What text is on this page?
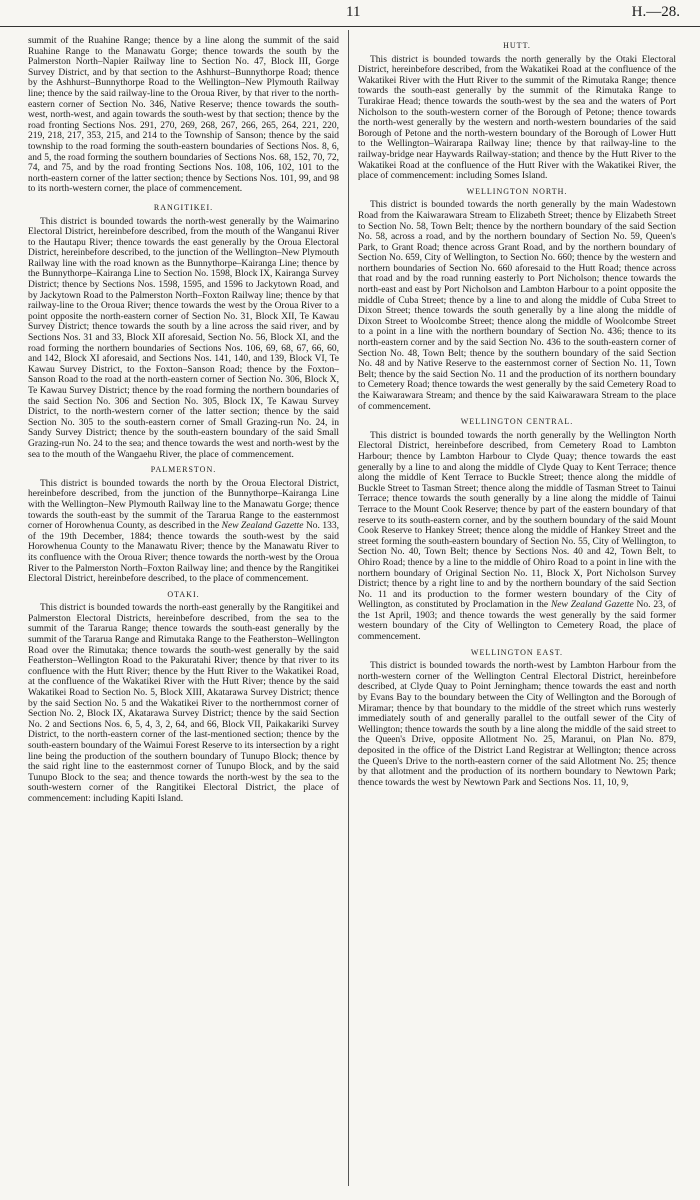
11	H.—28.

summit of the Ruahine Range; thence by a line along the summit of the said Ruahine Range to the Manawatu Gorge; thence towards the south by the Palmerston North–Napier Railway line to Section No. 47, Block III, Gorge Survey District, and by that section to the Ashhurst–Bunnythorpe Road; thence by the Ashhurst–Bunnythorpe Road to the Wellington–New Plymouth Railway line; thence by the said railway-line to the Oroua River, by that river to the north-eastern corner of Section No. 346, Native Reserve; thence towards the south-west, north-west, and again towards the south-west by that section; thence by the road fronting Sections Nos. 291, 270, 269, 268, 267, 266, 265, 264, 221, 220, 219, 218, 217, 353, 215, and 214 to the Township of Sanson; thence by the said township to the road forming the south-eastern boundaries of Sections Nos. 8, 6, and 5, the road forming the southern boundaries of Sections Nos. 68, 152, 70, 72, 74, and 75, and by the road fronting Sections Nos. 108, 106, 102, 101 to the north-eastern corner of the latter section; thence by Sections Nos. 101, 99, and 98 to its north-western corner, the place of commencement.

RANGITIKEI.

This district is bounded towards the north-west generally by the Waimarino Electoral District, hereinbefore described, from the mouth of the Wanganui River to the Hautapu River; thence towards the east generally by the Oroua Electoral District, hereinbefore described, to the junction of the Wellington–New Plymouth Railway line with the road known as the Bunnythorpe–Kairanga Line; thence by the Bunnythorpe–Kairanga Line to Section No. 1598, Block IX, Kairanga Survey District; thence by Sections Nos. 1598, 1595, and 1596 to Jackytown Road, and by Jackytown Road to the Palmerston North–Foxton Railway line; thence by that railway-line to the Oroua River; thence towards the west by the Oroua River to a point opposite the north-eastern corner of Section No. 31, Block XII, Te Kawau Survey District; thence towards the south by a line across the said river, and by Sections Nos. 31 and 33, Block XII aforesaid, Section No. 56, Block XI, and the road forming the northern boundaries of Sections Nos. 106, 69, 68, 67, 66, 60, and 142, Block XI aforesaid, and Sections Nos. 141, 140, and 139, Block VI, Te Kawau Survey District, to the Foxton–Sanson Road; thence by the Foxton–Sanson Road to the road at the north-eastern corner of Section No. 306, Block X, Te Kawau Survey District; thence by the road forming the northern boundaries of the said Section No. 306 and Section No. 305, Block IX, Te Kawau Survey District, to the north-western corner of the latter section; thence by the said Section No. 305 to the south-eastern corner of Small Grazing-run No. 24, in Sandy Survey District; thence by the south-eastern boundary of the said Small Grazing-run No. 24 to the sea; and thence towards the west and north-west by the sea to the mouth of the Wangaehu River, the place of commencement.

PALMERSTON.

This district is bounded towards the north by the Oroua Electoral District, hereinbefore described, from the junction of the Bunnythorpe–Kairanga Line with the Wellington–New Plymouth Railway line to the Manawatu Gorge; thence towards the south-east by the summit of the Tararua Range to the easternmost corner of Horowhenua County, as described in the New Zealand Gazette No. 133, of the 19th December, 1884; thence towards the south-west by the said Horowhenua County to the Manawatu River; thence by the Manawatu River to its confluence with the Oroua River; thence towards the north-west by the Oroua River to the Palmerston North–Foxton Railway line; and thence by the Rangitikei Electoral District, hereinbefore described, to the place of commencement.

OTAKI.

This district is bounded towards the north-east generally by the Rangitikei and Palmerston Electoral Districts, hereinbefore described, from the sea to the summit of the Tararua Range; thence towards the south-east generally by the summit of the Tararua Range and Rimutaka Range to the Featherston–Wellington Road over the Rimutaka; thence towards the south-west generally by the said Featherston–Wellington Road to the Pakuratahi River; thence by that river to its confluence with the Hutt River; thence by the Hutt River to the Wakatikei Road, at the confluence of the Wakatikei River with the Hutt River; thence by the said Wakatikei Road to Section No. 5, Block XIII, Akatarawa Survey District; thence by the said Section No. 5 and the Wakatikei River to the northernmost corner of Section No. 2, Block IX, Akatarawa Survey District; thence by the said Section No. 2 and Sections Nos. 6, 5, 4, 3, 2, 64, and 66, Block VII, Paikakariki Survey District, to the north-eastern corner of the last-mentioned section; thence by the south-eastern boundary of the Waimui Forest Reserve to its intersection by a right line being the production of the southern boundary of Tunupo Block; thence by the said right line to the easternmost corner of Tunupo Block, and by the said Tunupo Block to the sea; and thence towards the north-west by the sea to the south-western corner of the Rangitikei Electoral District, the place of commencement: including Kapiti Island.

HUTT.

This district is bounded towards the north generally by the Otaki Electoral District, hereinbefore described, from the Wakatikei Road at the confluence of the Wakatikei River with the Hutt River to the summit of the Rimutaka Range; thence towards the south-east generally by the summit of the Rimutaka Range to Turakirae Head; thence towards the south-west by the sea and the waters of Port Nicholson to the south-western corner of the Borough of Petone; thence towards the north-west generally by the western and north-western boundaries of the said Borough of Petone and the north-western boundary of the Borough of Lower Hutt to the Wellington–Wairarapa Railway line; thence by that railway-line to the railway-bridge near Haywards Railway-station; and thence by the Hutt River to the Wakatikei Road at the confluence of the Hutt River with the Wakatikei River, the place of commencement: including Somes Island.

WELLINGTON NORTH.

This district is bounded towards the north generally by the main Wadestown Road from the Kaiwarawara Stream to Elizabeth Street; thence by Elizabeth Street to Section No. 58, Town Belt; thence by the northern boundary of the said Section No. 58, across a road, and by the northern boundary of Section No. 59, Queen's Park, to Grant Road; thence across Grant Road, and by the northern boundary of Section No. 659, City of Wellington, to Section No. 660; thence by the western and northern boundaries of Section No. 660 aforesaid to the Hutt Road; thence across that road and by the road running easterly to Port Nicholson; thence towards the north-east and east by Port Nicholson and Lambton Harbour to a point opposite the middle of Cuba Street; thence by a line to and along the middle of Cuba Street to Dixon Street; thence towards the south generally by a line along the middle of Dixon Street to Woolcombe Street; thence along the middle of Woolcombe Street to a point in a line with the northern boundary of Section No. 436; thence to its north-eastern corner and by the said Section No. 436 to the south-eastern corner of Section No. 48, Town Belt; thence by the southern boundary of the said Section No. 48 and by Native Reserve to the easternmost corner of Section No. 11, Town Belt; thence by the said Section No. 11 and the production of its northern boundary to Cemetery Road; thence towards the west generally by the said Cemetery Road to the Kaiwarawara Stream; and thence by the said Kaiwarawara Stream to the place of commencement.

WELLINGTON CENTRAL.

This district is bounded towards the north generally by the Wellington North Electoral District, hereinbefore described, from Cemetery Road to Lambton Harbour; thence by Lambton Harbour to Clyde Quay; thence towards the east generally by a line to and along the middle of Clyde Quay to Kent Terrace; thence along the middle of Kent Terrace to Buckle Street; thence along the middle of Buckle Street to Tasman Street; thence along the middle of Tasman Street to Tainui Terrace; thence towards the south generally by a line along the middle of Tainui Terrace to the Mount Cook Reserve; thence by part of the eastern boundary of that reserve to its south-eastern corner, and by the southern boundary of the said Mount Cook Reserve to Hankey Street; thence along the middle of Hankey Street and the street forming the south-eastern boundary of Section No. 55, City of Wellington, to Section No. 40, Town Belt; thence by Sections Nos. 40 and 42, Town Belt, to Ohiro Road; thence by a line to the middle of Ohiro Road to a point in line with the northern boundary of Original Section No. 11, Block X, Port Nicholson Survey District; thence by a right line to and by the northern boundary of the said Section No. 11 and its production to the former western boundary of the City of Wellington, as constituted by Proclamation in the New Zealand Gazette No. 23, of the 1st April, 1903; and thence towards the west generally by the said former western boundary of the City of Wellington to Cemetery Road, the place of commencement.

WELLINGTON EAST.

This district is bounded towards the north-west by Lambton Harbour from the north-western corner of the Wellington Central Electoral District, hereinbefore described, at Clyde Quay to Point Jerningham; thence towards the east and north by Evans Bay to the boundary between the City of Wellington and the Borough of Miramar; thence by that boundary to the middle of the street which runs westerly immediately south of and generally parallel to the outfall sewer of the City of Wellington; thence towards the south by a line along the middle of the said street to the Queen's Drive, opposite Allotment No. 25, Maranui, on Plan No. 879, deposited in the office of the District Land Registrar at Wellington; thence across the Queen's Drive to the north-eastern corner of the said Allotment No. 25; thence by that allotment and the production of its northern boundary to Newtown Park; thence towards the west by Newtown Park and Sections Nos. 11, 10, 9,
